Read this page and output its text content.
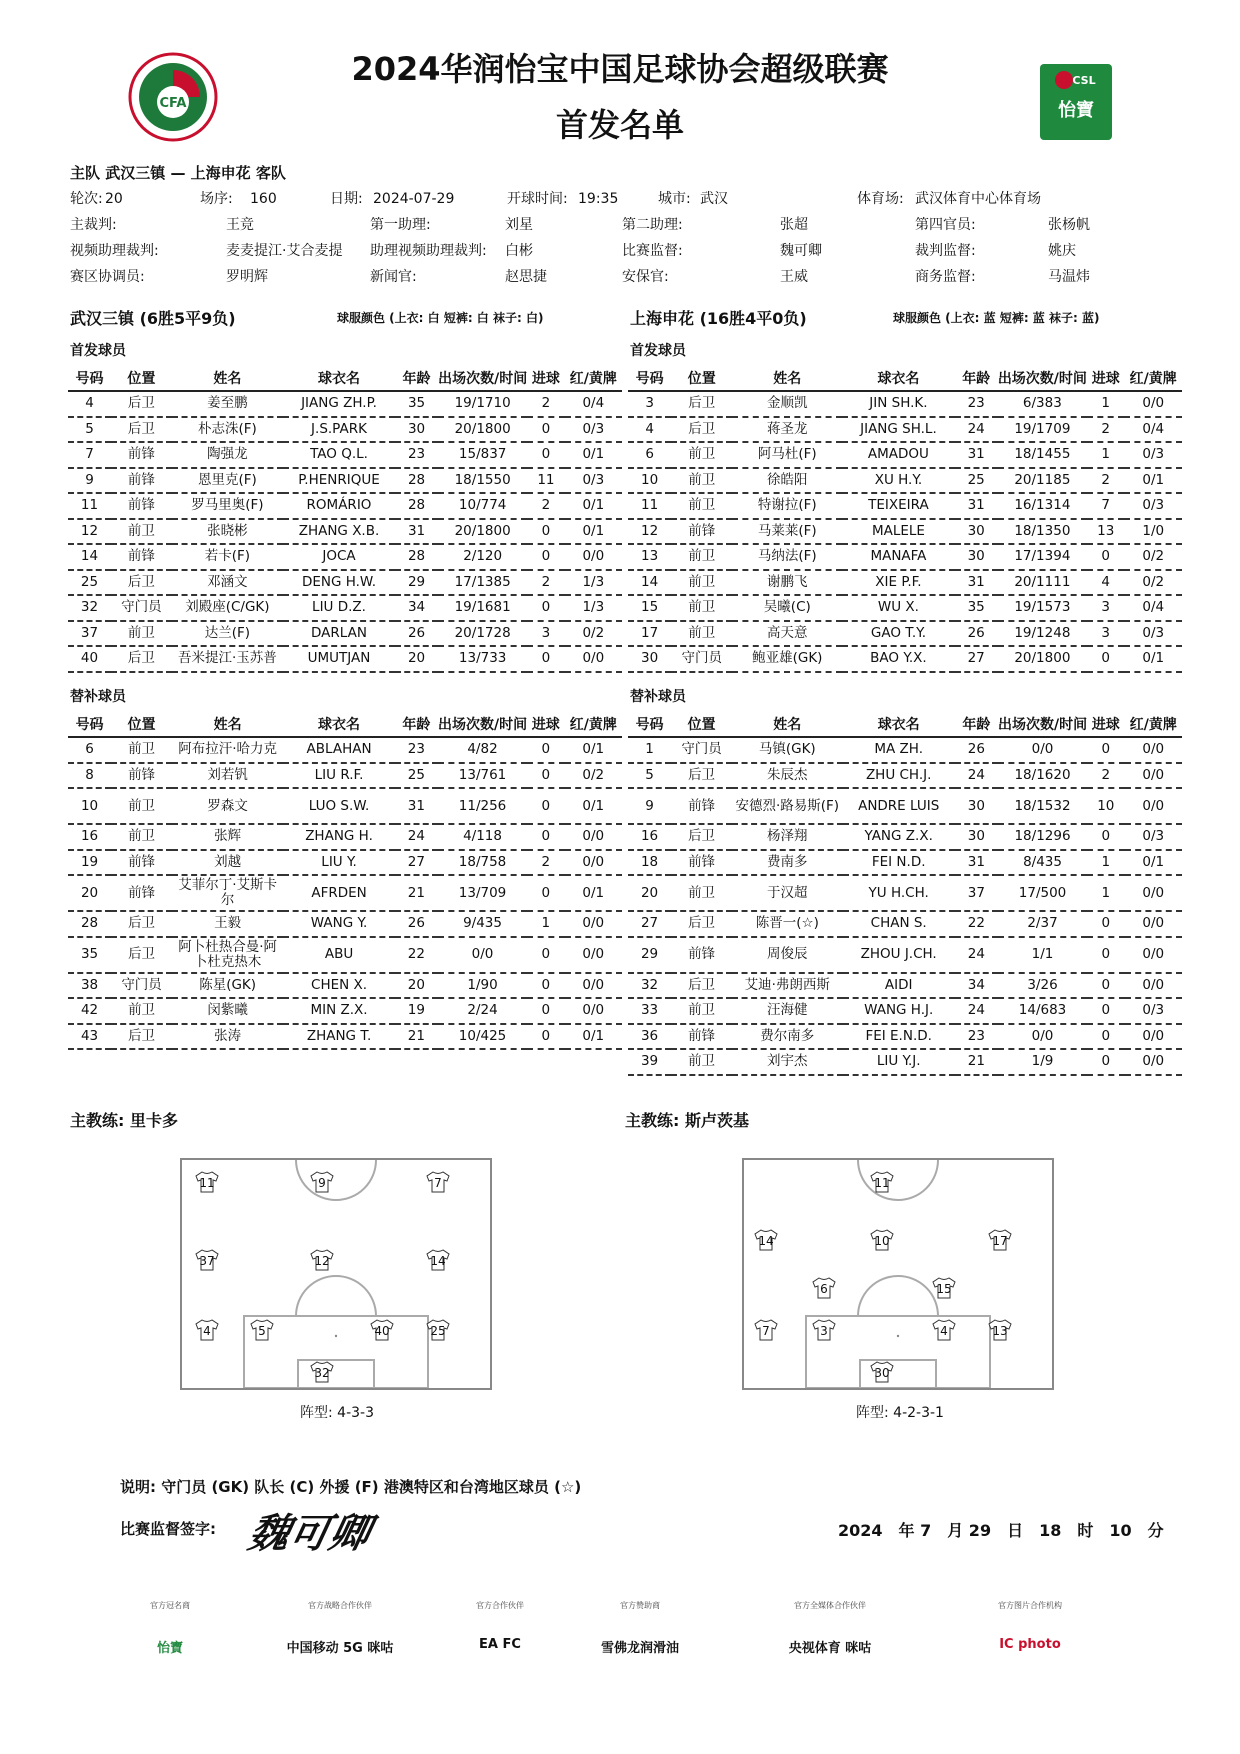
CFA
CSL
怡寶
2024华润怡宝中国足球协会超级联赛
首发名单
主队 武汉三镇 — 上海申花 客队
轮次: 20	场序: 160	日期: 2024-07-29	开球时间: 19:35	城市: 武汉	体育场: 武汉体育中心体育场
主裁判:	王竞	第一助理:	刘星	第二助理:	张超	第四官员:	张杨帆
视频助理裁判:	麦麦提江·艾合麦提 助理视频助理裁判: 白彬	比赛监督:	魏可卿	裁判监督:	姚庆
赛区协调员:	罗明辉	新闻官:	赵思捷	安保官:	王威	商务监督:	马温炜
武汉三镇 (6胜5平9负)	球服颜色 (上衣: 白 短裤: 白 袜子: 白)	上海申花 (16胜4平0负)	球服颜色 (上衣: 蓝 短裤: 蓝 袜子: 蓝)
首发球员	首发球员
号码	位置	姓名	球衣名	年龄	出场次数/时间	进球	红/黄牌
4	后卫	姜至鹏	JIANG ZH.P.	35	19/1710	2	0/4
5	后卫	朴志洙(F)	J.S.PARK	30	20/1800	0	0/3
7	前锋	陶强龙	TAO Q.L.	23	15/837	0	0/1
9	前锋	恩里克(F)	P.HENRIQUE	28	18/1550	11	0/3
11	前锋	罗马里奥(F)	ROMÁRIO	28	10/774	2	0/1
12	前卫	张晓彬	ZHANG X.B.	31	20/1800	0	0/1
14	前锋	若卡(F)	JOCA	28	2/120	0	0/0
25	后卫	邓涵文	DENG H.W.	29	17/1385	2	1/3
32	守门员	刘殿座(C/GK)	LIU D.Z.	34	19/1681	0	1/3
37	前卫	达兰(F)	DARLAN	26	20/1728	3	0/2
40	后卫	吾米提江·玉苏普	UMUTJAN	20	13/733	0	0/0
号码	位置	姓名	球衣名	年龄	出场次数/时间	进球	红/黄牌
3	后卫	金顺凯	JIN SH.K.	23	6/383	1	0/0
4	后卫	蒋圣龙	JIANG SH.L.	24	19/1709	2	0/4
6	前卫	阿马杜(F)	AMADOU	31	18/1455	1	0/3
10	前卫	徐皓阳	XU H.Y.	25	20/1185	2	0/1
11	前卫	特谢拉(F)	TEIXEIRA	31	16/1314	7	0/3
12	前锋	马莱莱(F)	MALELE	30	18/1350	13	1/0
13	前卫	马纳法(F)	MANAFA	30	17/1394	0	0/2
14	前卫	谢鹏飞	XIE P.F.	31	20/1111	4	0/2
15	前卫	吴曦(C)	WU X.	35	19/1573	3	0/4
17	前卫	高天意	GAO T.Y.	26	19/1248	3	0/3
30	守门员	鲍亚雄(GK)	BAO Y.X.	27	20/1800	0	0/1
替补球员	替补球员
号码	位置	姓名	球衣名	年龄	出场次数/时间	进球	红/黄牌
6	前卫	阿布拉汗·哈力克	ABLAHAN	23	4/82	0	0/1
8	前锋	刘若钒	LIU R.F.	25	13/761	0	0/2
10	前卫	罗森文	LUO S.W.	31	11/256	0	0/1
16	前卫	张辉	ZHANG H.	24	4/118	0	0/0
19	前锋	刘越	LIU Y.	27	18/758	2	0/0
20	前锋	艾菲尔丁·艾斯卡尔	AFRDEN	21	13/709	0	0/1
28	后卫	王毅	WANG Y.	26	9/435	1	0/0
35	后卫	阿卜杜热合曼·阿卜杜克热木	ABU	22	0/0	0	0/0
38	守门员	陈星(GK)	CHEN X.	20	1/90	0	0/0
42	前卫	闵紫曦	MIN Z.X.	19	2/24	0	0/0
43	后卫	张涛	ZHANG T.	21	10/425	0	0/1
号码	位置	姓名	球衣名	年龄	出场次数/时间	进球	红/黄牌
1	守门员	马镇(GK)	MA ZH.	26	0/0	0	0/0
5	后卫	朱辰杰	ZHU CH.J.	24	18/1620	2	0/0
9	前锋	安德烈·路易斯(F)	ANDRE LUIS	30	18/1532	10	0/0
16	后卫	杨泽翔	YANG Z.X.	30	18/1296	0	0/3
18	前锋	费南多	FEI N.D.	31	8/435	1	0/1
20	前卫	于汉超	YU H.CH.	37	17/500	1	0/0
27	后卫	陈晋一(☆)	CHAN S.	22	2/37	0	0/0
29	前锋	周俊辰	ZHOU J.CH.	24	1/1	0	0/0
32	后卫	艾迪·弗朗西斯	AIDI	34	3/26	0	0/0
33	前卫	汪海健	WANG H.J.	24	14/683	0	0/3
36	前锋	费尔南多	FEI E.N.D.	23	0/0	0	0/0
39	前卫	刘宇杰	LIU Y.J.	21	1/9	0	0/0
主教练: 里卡多	主教练: 斯卢茨基
11	9	7
37	12	14
4	5	40	25
32
11
14	10	17
6	15
7	3	4	13
30
阵型: 4-3-3	阵型: 4-2-3-1
说明: 守门员 (GK) 队长 (C) 外援 (F) 港澳特区和台湾地区球员 (☆)
比赛监督签字: 魏可卿	2024　年 7　月 29　日　18　时　10　分
官方冠名商
怡寶
官方战略合作伙伴
中国移动 5G 咪咕
官方合作伙伴
EA FC
官方赞助商
雪佛龙润滑油
官方全媒体合作伙伴
央视体育 咪咕
官方图片合作机构
IC photo
